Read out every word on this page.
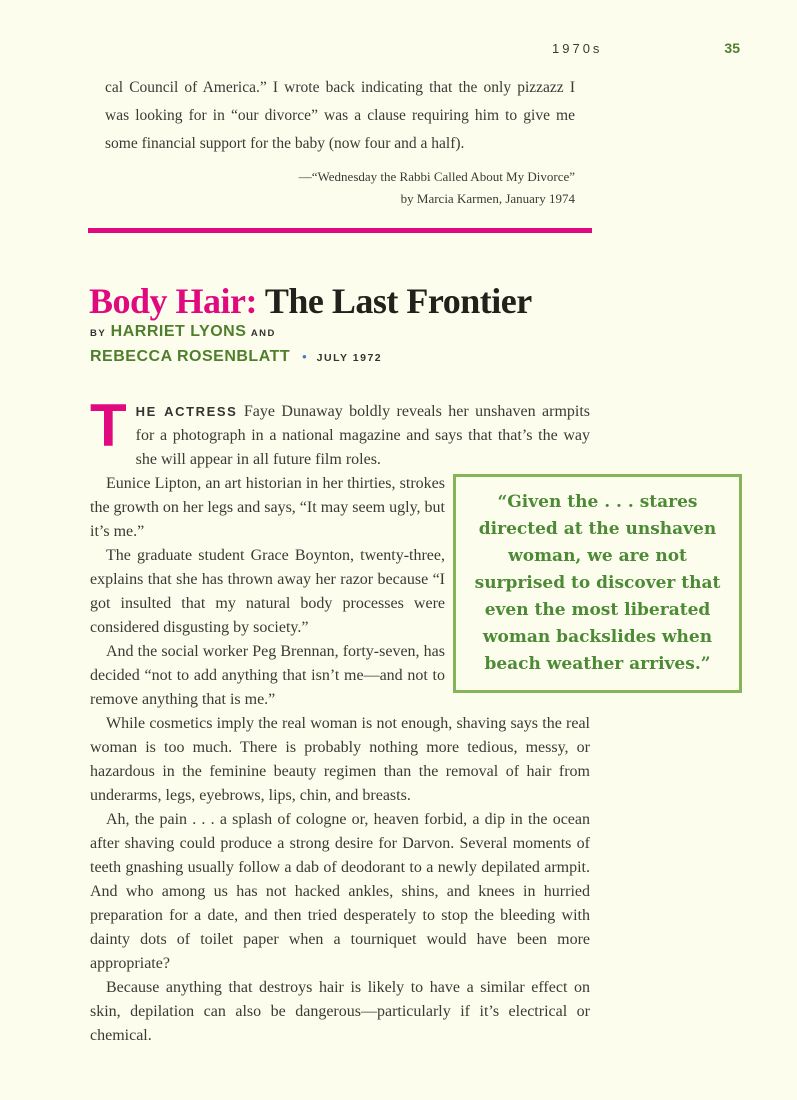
1970s	35
cal Council of America.” I wrote back indicating that the only pizzazz I was looking for in “our divorce” was a clause requiring him to give me some financial support for the baby (now four and a half).
—“Wednesday the Rabbi Called About My Divorce”
by Marcia Karmen, January 1974
Body Hair: The Last Frontier
BY HARRIET LYONS AND
REBECCA ROSENBLATT • JULY 1972

THE ACTRESS Faye Dunaway boldly reveals her unshaven armpits for a photograph in a national magazine and says that that’s the way she will appear in all future film roles.

Eunice Lipton, an art historian in her thirties, strokes the growth on her legs and says, “It may seem ugly, but it’s me.”

The graduate student Grace Boynton, twenty-three, explains that she has thrown away her razor because “I got insulted that my natural body processes were considered disgusting by society.”

And the social worker Peg Brennan, forty-seven, has decided “not to add anything that isn’t me—and not to remove anything that is me.”

“Given the . . . stares directed at the unshaven woman, we are not surprised to discover that even the most liberated woman backslides when beach weather arrives.”

While cosmetics imply the real woman is not enough, shaving says the real woman is too much. There is probably nothing more tedious, messy, or hazardous in the feminine beauty regimen than the removal of hair from underarms, legs, eyebrows, lips, chin, and breasts.

Ah, the pain . . . a splash of cologne or, heaven forbid, a dip in the ocean after shaving could produce a strong desire for Darvon. Several moments of teeth gnashing usually follow a dab of deodorant to a newly depilated armpit. And who among us has not hacked ankles, shins, and knees in hurried preparation for a date, and then tried desperately to stop the bleeding with dainty dots of toilet paper when a tourniquet would have been more appropriate?

Because anything that destroys hair is likely to have a similar effect on skin, depilation can also be dangerous—particularly if it’s electrical or chemical.
